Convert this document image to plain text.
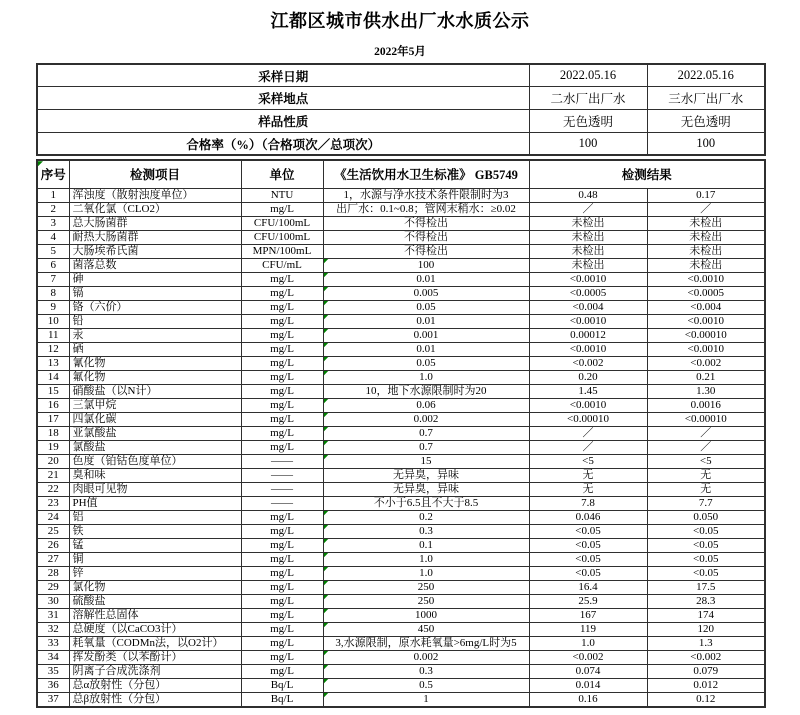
江都区城市供水出厂水水质公示
2022年5月
采样日期	2022.05.16	2022.05.16
采样地点	二水厂出厂水	三水厂出厂水
样品性质	无色透明	无色透明
合格率（%）（合格项次／总项次）	100	100
序号	检测项目	单位	《生活饮用水卫生标准》 GB5749	检测结果	
1	浑浊度（散射浊度单位）	NTU	1，水源与净水技术条件限制时为3	0.48	0.17
2	二氧化氯（CLO2）	mg/L	出厂水：0.1~0.8；管网末稍水：≥0.02	／	／
3	总大肠菌群	CFU/100mL	不得检出	未检出	未检出
4	耐热大肠菌群	CFU/100mL	不得检出	未检出	未检出
5	大肠埃希氏菌	MPN/100mL	不得检出	未检出	未检出
6	菌落总数	CFU/mL	100	未检出	未检出
7	砷	mg/L	0.01	<0.0010	<0.0010
8	镉	mg/L	0.005	<0.0005	<0.0005
9	铬（六价）	mg/L	0.05	<0.004	<0.004
10	铅	mg/L	0.01	<0.0010	<0.0010
11	汞	mg/L	0.001	0.00012	<0.00010
12	硒	mg/L	0.01	<0.0010	<0.0010
13	氰化物	mg/L	0.05	<0.002	<0.002
14	氟化物	mg/L	1.0	0.20	0.21
15	硝酸盐（以N计）	mg/L	10，地下水源限制时为20	1.45	1.30
16	三氯甲烷	mg/L	0.06	<0.0010	0.0016
17	四氯化碳	mg/L	0.002	<0.00010	<0.00010
18	亚氯酸盐	mg/L	0.7	／	／
19	氯酸盐	mg/L	0.7	／	／
20	色度（铂钴色度单位）	——	15	<5	<5
21	臭和味	——	无异臭，异味	无	无
22	肉眼可见物	——	无异臭，异味	无	无
23	PH值	——	不小于6.5且不大于8.5	7.8	7.7
24	铝	mg/L	0.2	0.046	0.050
25	铁	mg/L	0.3	<0.05	<0.05
26	锰	mg/L	0.1	<0.05	<0.05
27	铜	mg/L	1.0	<0.05	<0.05
28	锌	mg/L	1.0	<0.05	<0.05
29	氯化物	mg/L	250	16.4	17.5
30	硫酸盐	mg/L	250	25.9	28.3
31	溶解性总固体	mg/L	1000	167	174
32	总硬度（以CaCO3计）	mg/L	450	119	120
33	耗氧量（CODMn法，以O2计）	mg/L	3,水源限制，原水耗氧量>6mg/L时为5	1.0	1.3
34	挥发酚类（以苯酚计）	mg/L	0.002	<0.002	<0.002
35	阴离子合成洗涤剂	mg/L	0.3	0.074	0.079
36	总α放射性（分包）	Bq/L	0.5	0.014	0.012
37	总β放射性（分包）	Bq/L	1	0.16	0.12
